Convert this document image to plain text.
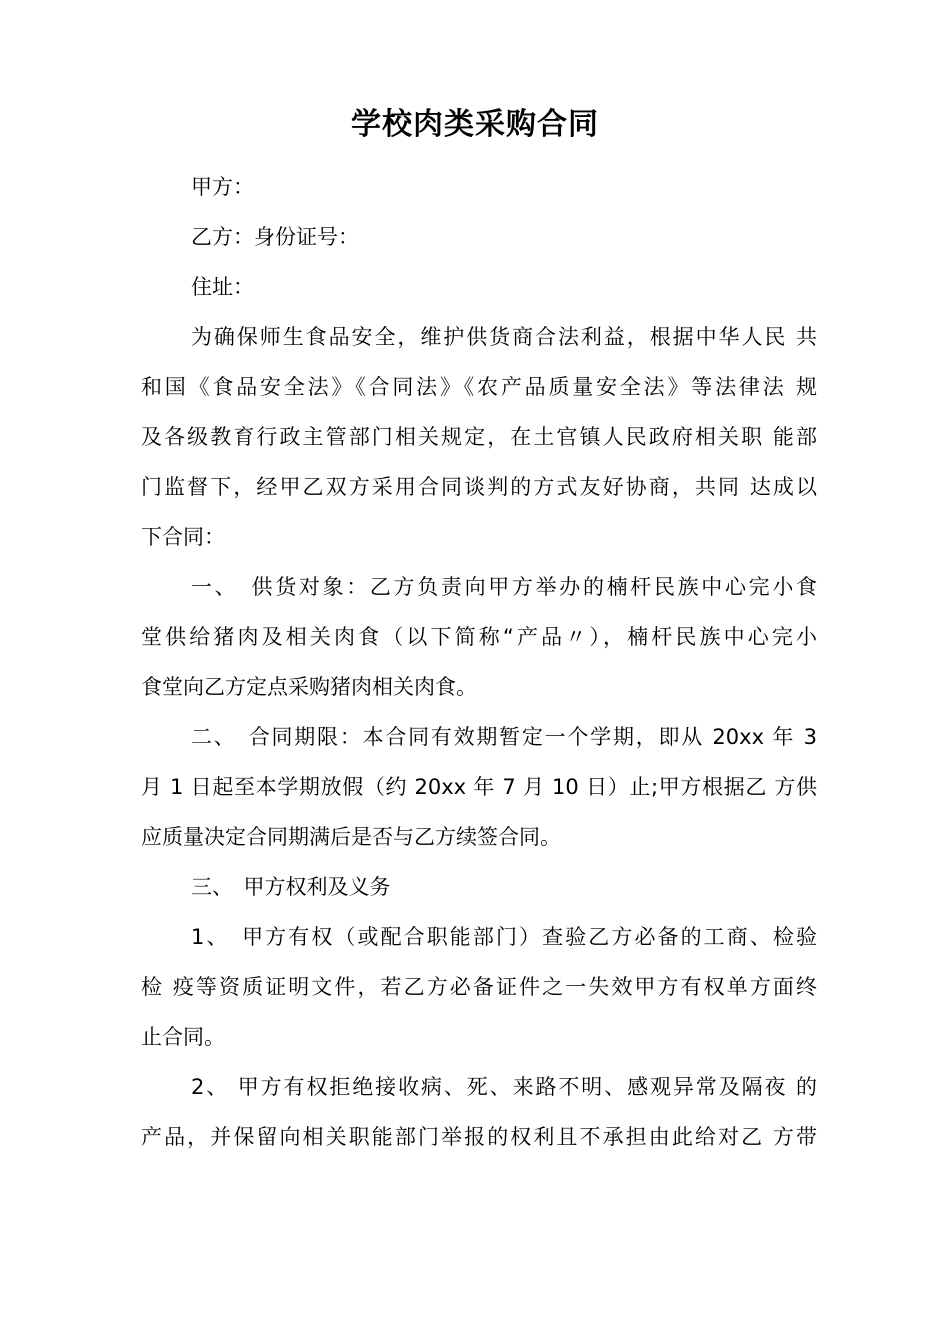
学校肉类采购合同
甲方：
乙方：身份证号：
住址：
为确保师生食品安全，维护供货商合法利益，根据中华人民 共
和国《食品安全法》《合同法》《农产品质量安全法》等法律法 规
及各级教育行政主管部门相关规定，在土官镇人民政府相关职 能部
门监督下，经甲乙双方采用合同谈判的方式友好协商，共同 达成以
下合同：
一、　供货对象：乙方负责向甲方举办的楠杆民族中心完小食
堂供给猪肉及相关肉食（以下简称“产品〃），楠杆民族中心完小
食堂向乙方定点采购猪肉相关肉食。
二、　合同期限：本合同有效期暂定一个学期，即从 20xx 年 3
月 1 日起至本学期放假（约 20xx 年 7 月 10 日）止;甲方根据乙 方供
应质量决定合同期满后是否与乙方续签合同。
三、　甲方权利及义务
1、　甲方有权（或配合职能部门）查验乙方必备的工商、检验
检 疫等资质证明文件，若乙方必备证件之一失效甲方有权单方面终
止合同。
2、 甲方有权拒绝接收病、死、来路不明、感观异常及隔夜 的
产品，并保留向相关职能部门举报的权利且不承担由此给对乙 方带
